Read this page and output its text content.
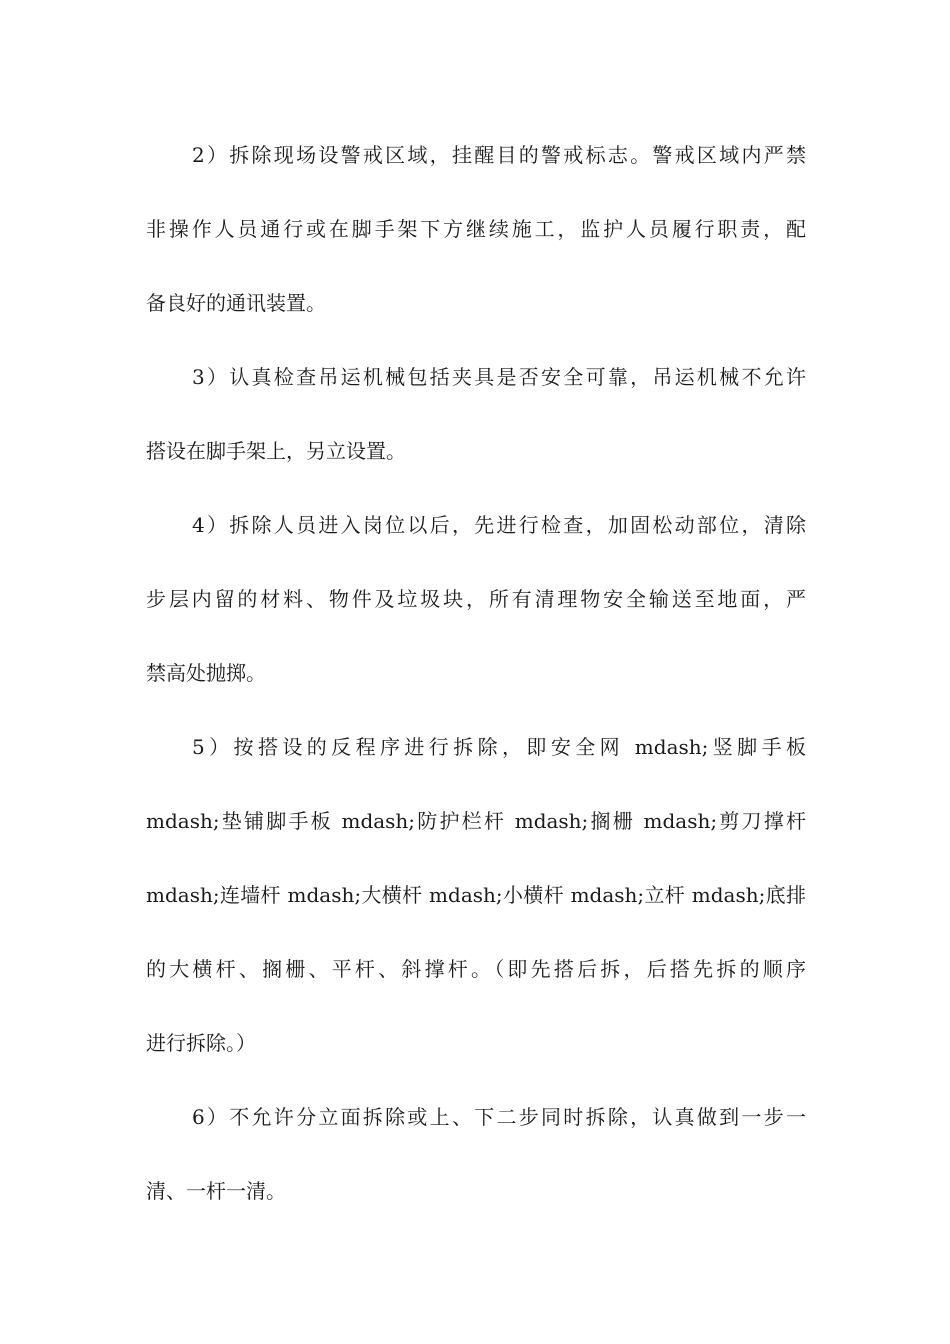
2）拆除现场设警戒区域，挂醒目的警戒标志。警戒区域内严禁
非操作人员通行或在脚手架下方继续施工，监护人员履行职责，配
备良好的通讯装置。
3）认真检查吊运机械包括夹具是否安全可靠，吊运机械不允许
搭设在脚手架上，另立设置。
4）拆除人员进入岗位以后，先进行检查，加固松动部位，清除
步层内留的材料、物件及垃圾块，所有清理物安全输送至地面，严
禁高处抛掷。
5）按搭设的反程序进行拆除，即安全网 mdash;竖脚手板
mdash;垫铺脚手板 mdash;防护栏杆 mdash;搁栅 mdash;剪刀撑杆
mdash;连墙杆 mdash;大横杆 mdash;小横杆 mdash;立杆 mdash;底排
的大横杆、搁栅、平杆、斜撑杆。（即先搭后拆，后搭先拆的顺序
进行拆除。）
6）不允许分立面拆除或上、下二步同时拆除，认真做到一步一
清、一杆一清。
